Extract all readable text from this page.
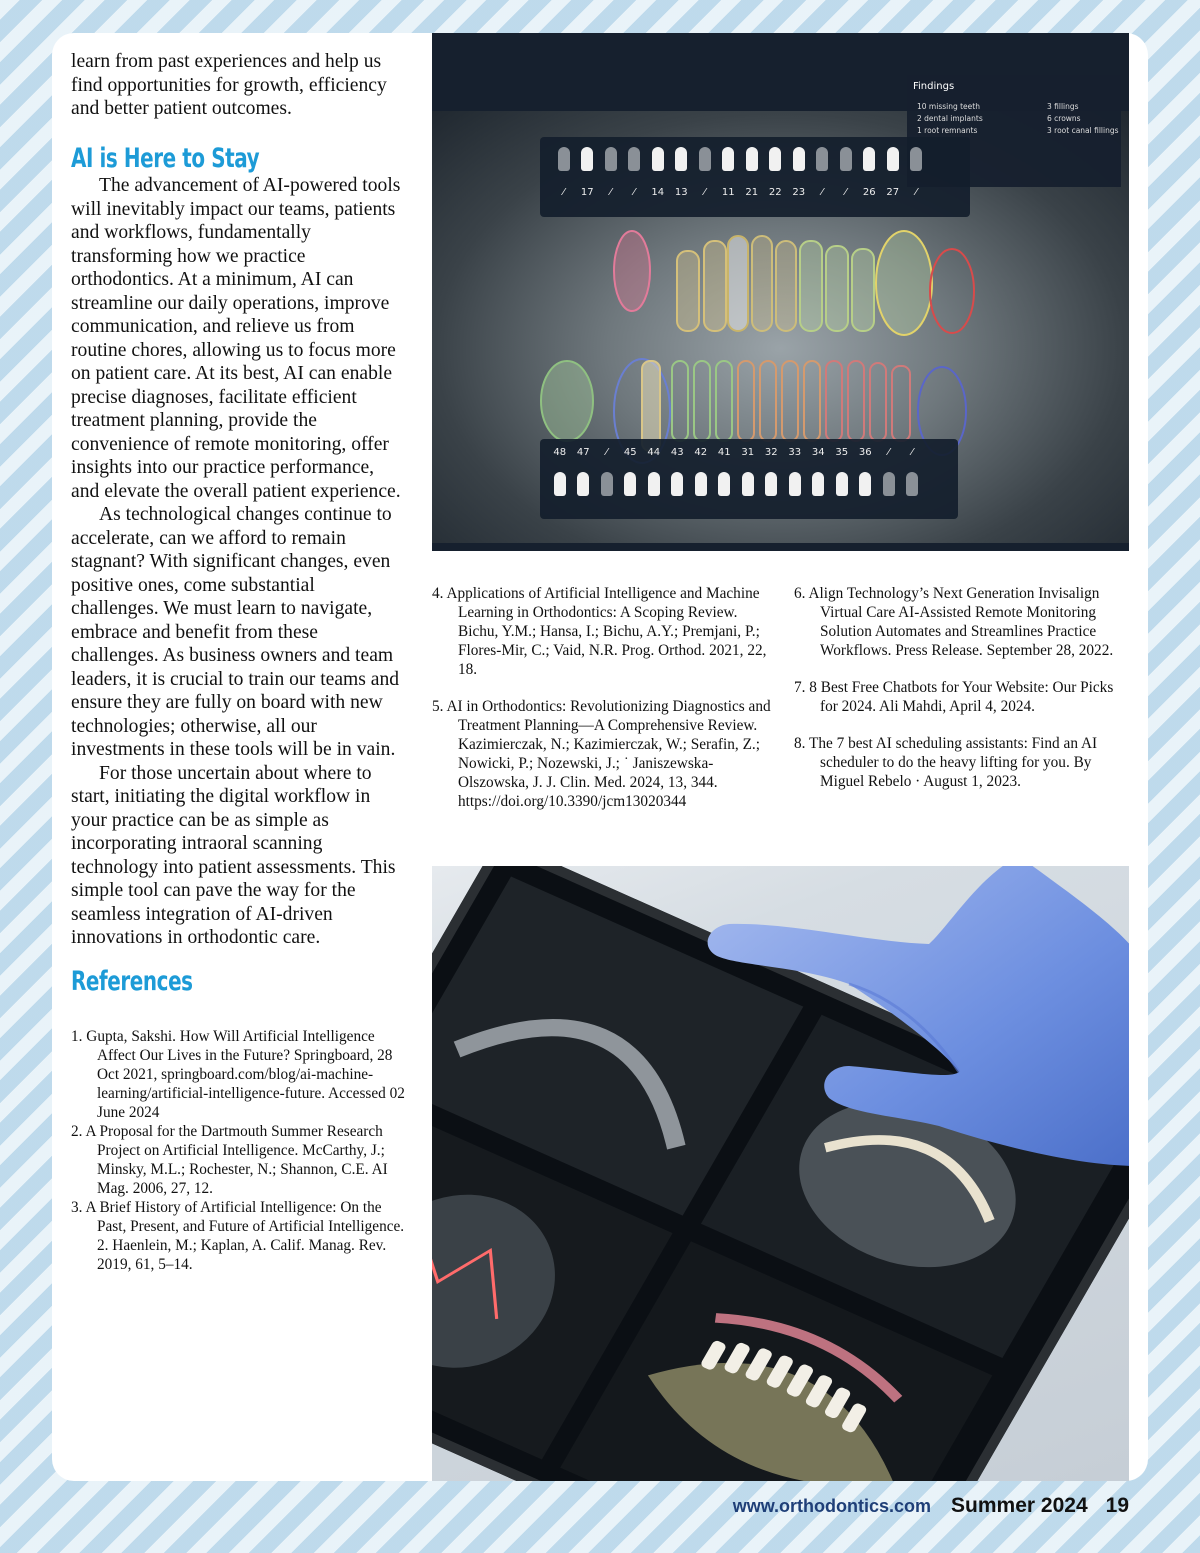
learn from past experiences and help us find opportunities for growth, efficiency and better patient outcomes.

AI is Here to Stay

The advancement of AI-powered tools will inevitably impact our teams, patients and workflows, fundamentally transforming how we practice orthodontics. At a minimum, AI can streamline our daily operations, improve communication, and relieve us from routine chores, allowing us to focus more on patient care. At its best, AI can enable precise diagnoses, facilitate efficient treatment planning, provide the convenience of remote monitoring, offer insights into our practice performance, and elevate the overall patient experience.

As technological changes continue to accelerate, can we afford to remain stagnant? With significant changes, even positive ones, come substantial challenges. We must learn to navigate, embrace and benefit from these challenges. As business owners and team leaders, it is crucial to train our teams and ensure they are fully on board with new technologies; otherwise, all our investments in these tools will be in vain.

For those uncertain about where to start, initiating the digital workflow in your practice can be as simple as incorporating intraoral scanning technology into patient assessments. This simple tool can pave the way for the seamless integration of AI-driven innovations in orthodontic care.

References

1. Gupta, Sakshi. How Will Artificial Intelligence Affect Our Lives in the Future? Springboard, 28 Oct 2021, springboard.com/blog/ai-machine-learning/artificial-intelligence-future. Accessed 02 June 2024

2. A Proposal for the Dartmouth Summer Research Project on Artificial Intelligence. McCarthy, J.; Minsky, M.L.; Rochester, N.; Shannon, C.E. AI Mag. 2006, 27, 12.

3. A Brief History of Artificial Intelligence: On the Past, Present, and Future of Artificial Intelligence. 2. Haenlein, M.; Kaplan, A. Calif. Manag. Rev. 2019, 61, 5–14.

Findings
10 missing teeth	3 fillings
2 dental implants	6 crowns
1 root remnants	3 root canal fillings
⁄	17	⁄	⁄	14	13	⁄	11	21	22	23	⁄	⁄	26	27	⁄
48	47	⁄	45	44	43	42	41	31	32	33	34	35	36	⁄	⁄

4. Applications of Artificial Intelligence and Machine Learning in Orthodontics: A Scoping Review. Bichu, Y.M.; Hansa, I.; Bichu, A.Y.; Premjani, P.; Flores-Mir, C.; Vaid, N.R. Prog. Orthod. 2021, 22, 18.

5. AI in Orthodontics: Revolutionizing Diagnostics and Treatment Planning—A Comprehensive Review. Kazimierczak, N.; Kazimierczak, W.; Serafin, Z.; Nowicki, P.; Nozewski, J.; ˙ Janiszewska-Olszowska, J. J. Clin. Med. 2024, 13, 344. https://doi.org/10.3390/jcm13020344

6. Align Technology’s Next Generation Invisalign Virtual Care AI-Assisted Remote Monitoring Solution Automates and Streamlines Practice Workflows. Press Release. September 28, 2022.

7. 8 Best Free Chatbots for Your Website: Our Picks for 2024. Ali Mahdi, April 4, 2024.

8. The 7 best AI scheduling assistants: Find an AI scheduler to do the heavy lifting for you. By Miguel Rebelo · August 1, 2023.

www.orthodontics.com Summer 2024 19
